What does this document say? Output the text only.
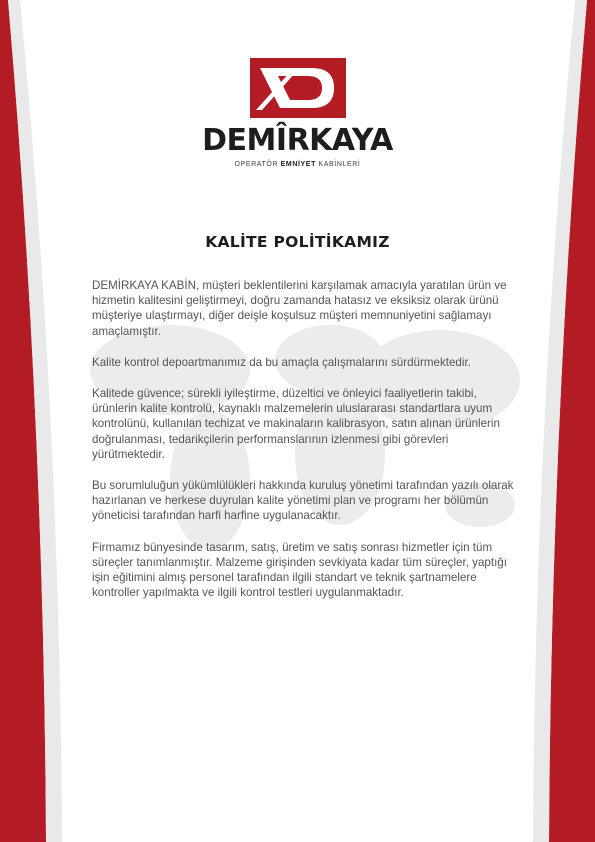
DEMÎRKAYA
OPERATÖR EMNİYET KABİNLERİ
KALİTE POLİTİKAMIZ

DEMİRKAYA KABİN, müşteri beklentilerini karşılamak amacıyla yaratılan ürün ve hizmetin kalitesini geliştirmeyi, doğru zamanda hatasız ve eksiksiz olarak ürünü müşteriye ulaştırmayı, diğer deişle koşulsuz müşteri memnuniyetini sağlamayı amaçlamıştır.

Kalite kontrol depoartmanımız da bu amaçla çalışmalarını sürdürmektedir.

Kalitede güvence; sürekli iyileştirme, düzeltici ve önleyici faaliyetlerin takibi, ürünlerin kalite kontrolü, kaynaklı malzemelerin uluslararası standartlara uyum kontrolünü, kullanılan techizat ve makinaların kalibrasyon, satın alınan ürünlerin doğrulanması, tedarikçilerin performanslarının izlenmesi gibi görevleri yürütmektedir.

Bu sorumluluğun yükümlülükleri hakkında kuruluş yönetimi tarafından yazılı olarak hazırlanan ve herkese duyrulan kalite yönetimi plan ve programı her bölümün yöneticisi tarafından harfi harfine uygulanacaktır.

Firmamız bünyesinde tasarım, satış, üretim ve satış sonrası hizmetler için tüm süreçler tanımlanmıştır. Malzeme girişinden sevkiyata kadar tüm süreçler, yaptığı işin eğitimini almış personel tarafından ilgili standart ve teknik şartnamelere kontroller yapılmakta ve ilgili kontrol testleri uygulanmaktadır.
